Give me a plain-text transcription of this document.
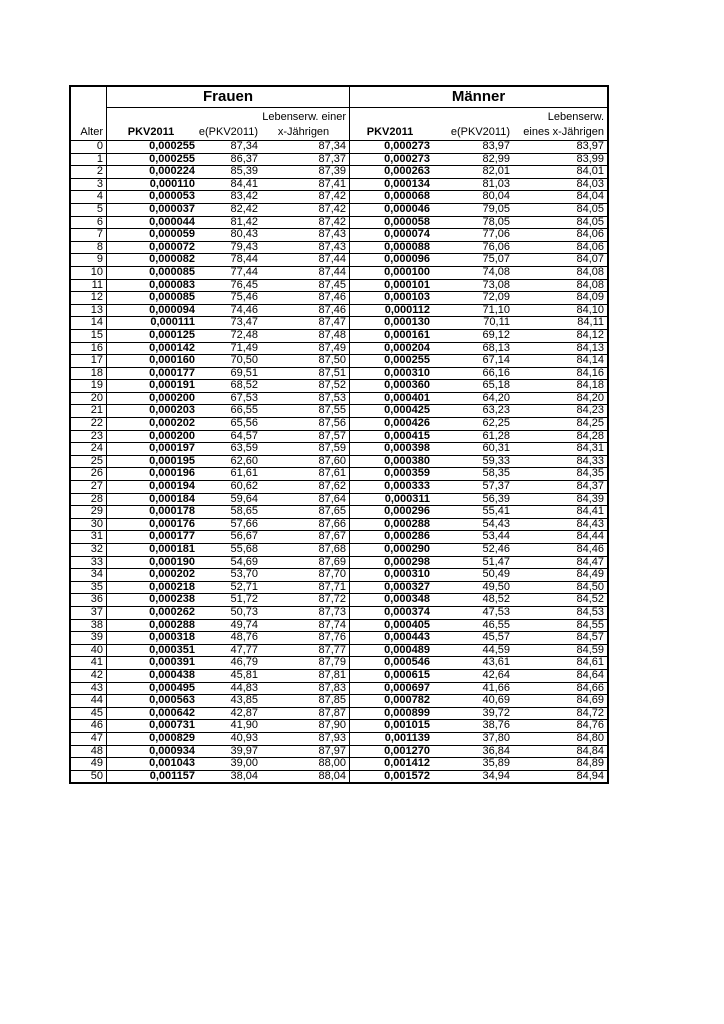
	Frauen			Männer		
			Lebenserw. einer			Lebenserw.
Alter	PKV2011	e(PKV2011)	x-Jährigen	PKV2011	e(PKV2011)	eines x-Jährigen
0	0,000255	87,34	87,34	0,000273	83,97	83,97
1	0,000255	86,37	87,37	0,000273	82,99	83,99
2	0,000224	85,39	87,39	0,000263	82,01	84,01
3	0,000110	84,41	87,41	0,000134	81,03	84,03
4	0,000053	83,42	87,42	0,000068	80,04	84,04
5	0,000037	82,42	87,42	0,000046	79,05	84,05
6	0,000044	81,42	87,42	0,000058	78,05	84,05
7	0,000059	80,43	87,43	0,000074	77,06	84,06
8	0,000072	79,43	87,43	0,000088	76,06	84,06
9	0,000082	78,44	87,44	0,000096	75,07	84,07
10	0,000085	77,44	87,44	0,000100	74,08	84,08
11	0,000083	76,45	87,45	0,000101	73,08	84,08
12	0,000085	75,46	87,46	0,000103	72,09	84,09
13	0,000094	74,46	87,46	0,000112	71,10	84,10
14	0,000111	73,47	87,47	0,000130	70,11	84,11
15	0,000125	72,48	87,48	0,000161	69,12	84,12
16	0,000142	71,49	87,49	0,000204	68,13	84,13
17	0,000160	70,50	87,50	0,000255	67,14	84,14
18	0,000177	69,51	87,51	0,000310	66,16	84,16
19	0,000191	68,52	87,52	0,000360	65,18	84,18
20	0,000200	67,53	87,53	0,000401	64,20	84,20
21	0,000203	66,55	87,55	0,000425	63,23	84,23
22	0,000202	65,56	87,56	0,000426	62,25	84,25
23	0,000200	64,57	87,57	0,000415	61,28	84,28
24	0,000197	63,59	87,59	0,000398	60,31	84,31
25	0,000195	62,60	87,60	0,000380	59,33	84,33
26	0,000196	61,61	87,61	0,000359	58,35	84,35
27	0,000194	60,62	87,62	0,000333	57,37	84,37
28	0,000184	59,64	87,64	0,000311	56,39	84,39
29	0,000178	58,65	87,65	0,000296	55,41	84,41
30	0,000176	57,66	87,66	0,000288	54,43	84,43
31	0,000177	56,67	87,67	0,000286	53,44	84,44
32	0,000181	55,68	87,68	0,000290	52,46	84,46
33	0,000190	54,69	87,69	0,000298	51,47	84,47
34	0,000202	53,70	87,70	0,000310	50,49	84,49
35	0,000218	52,71	87,71	0,000327	49,50	84,50
36	0,000238	51,72	87,72	0,000348	48,52	84,52
37	0,000262	50,73	87,73	0,000374	47,53	84,53
38	0,000288	49,74	87,74	0,000405	46,55	84,55
39	0,000318	48,76	87,76	0,000443	45,57	84,57
40	0,000351	47,77	87,77	0,000489	44,59	84,59
41	0,000391	46,79	87,79	0,000546	43,61	84,61
42	0,000438	45,81	87,81	0,000615	42,64	84,64
43	0,000495	44,83	87,83	0,000697	41,66	84,66
44	0,000563	43,85	87,85	0,000782	40,69	84,69
45	0,000642	42,87	87,87	0,000899	39,72	84,72
46	0,000731	41,90	87,90	0,001015	38,76	84,76
47	0,000829	40,93	87,93	0,001139	37,80	84,80
48	0,000934	39,97	87,97	0,001270	36,84	84,84
49	0,001043	39,00	88,00	0,001412	35,89	84,89
50	0,001157	38,04	88,04	0,001572	34,94	84,94
